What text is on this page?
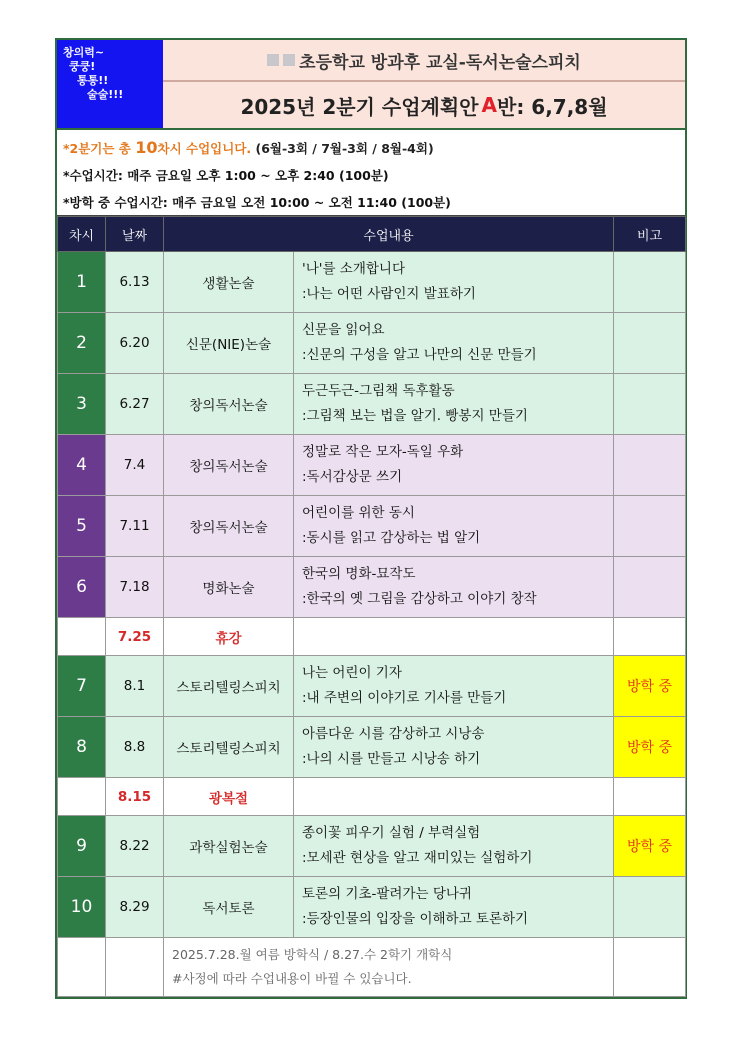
창의력~
쿵쿵!
통통!!
술술!!!
초등학교 방과후 교실-독서논술스피치
2025년 2분기 수업계획안 A 반: 6,7,8월
*2분기는 총 10차시 수업입니다. (6월-3회 / 7월-3회 / 8월-4회)
*수업시간: 매주 금요일 오후 1:00 ~ 오후 2:40 (100분)
*방학 중 수업시간: 매주 금요일 오전 10:00 ~ 오전 11:40 (100분)
차시	날짜	수업내용		비고
1	6.13	생활논술	'나'를 소개합니다
:나는 어떤 사람인지 발표하기	

2	6.20	신문(NIE)논술	신문을 읽어요
:신문의 구성을 알고 나만의 신문 만들기	

3	6.27	창의독서논술	두근두근-그림책 독후활동
:그림책 보는 법을 알기. 빵봉지 만들기	

4	7.4	창의독서논술	정말로 작은 모자-독일 우화
:독서감상문 쓰기	

5	7.11	창의독서논술	어린이를 위한 동시
:동시를 읽고 감상하는 법 알기	

6	7.18	명화논술	한국의 명화-묘작도
:한국의 옛 그림을 감상하고 이야기 창작	

	7.25	휴강		
7	8.1	스토리텔링스피치	나는 어린이 기자
:내 주변의 이야기로 기사를 만들기	방학 중
8	8.8	스토리텔링스피치	아름다운 시를 감상하고 시낭송
:나의 시를 만들고 시낭송 하기	방학 중
	8.15	광복절		
9	8.22	과학실험논술	종이꽃 피우기 실험 / 부력실험
:모세관 현상을 알고 재미있는 실험하기	방학 중
10	8.29	독서토론	토론의 기초-팔려가는 당나귀
:등장인물의 입장을 이해하고 토론하기	

		2025.7.28.월 여름 방학식 / 8.27.수 2학기 개학식
#사정에 따라 수업내용이 바뀔 수 있습니다.		
